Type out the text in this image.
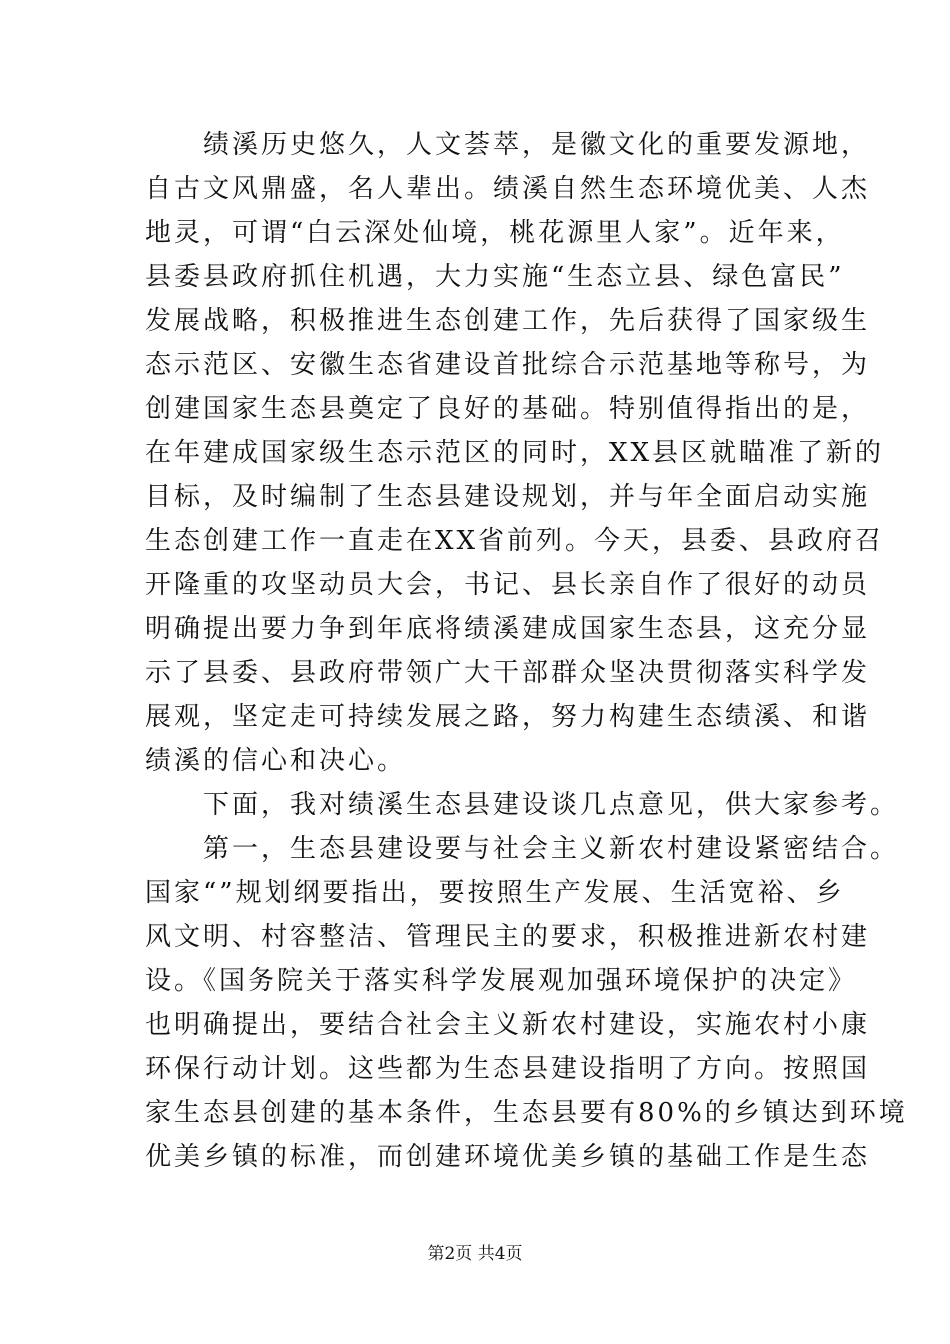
　　绩溪历史悠久，人文荟萃，是徽文化的重要发源地，
自古文风鼎盛，名人辈出。绩溪自然生态环境优美、人杰
地灵，可谓“白云深处仙境，桃花源里人家”。近年来，
县委县政府抓住机遇，大力实施“生态立县、绿色富民”
发展战略，积极推进生态创建工作，先后获得了国家级生
态示范区、安徽生态省建设首批综合示范基地等称号，为
创建国家生态县奠定了良好的基础。特别值得指出的是，
在年建成国家级生态示范区的同时，XX县区就瞄准了新的
目标，及时编制了生态县建设规划，并与年全面启动实施
生态创建工作一直走在XX省前列。今天，县委、县政府召
开隆重的攻坚动员大会，书记、县长亲自作了很好的动员
明确提出要力争到年底将绩溪建成国家生态县，这充分显
示了县委、县政府带领广大干部群众坚决贯彻落实科学发
展观，坚定走可持续发展之路，努力构建生态绩溪、和谐
绩溪的信心和决心。
　　下面，我对绩溪生态县建设谈几点意见，供大家参考。
　　第一，生态县建设要与社会主义新农村建设紧密结合。
国家“”规划纲要指出，要按照生产发展、生活宽裕、乡
风文明、村容整洁、管理民主的要求，积极推进新农村建
设。《国务院关于落实科学发展观加强环境保护的决定》
也明确提出，要结合社会主义新农村建设，实施农村小康
环保行动计划。这些都为生态县建设指明了方向。按照国
家生态县创建的基本条件，生态县要有80%的乡镇达到环境
优美乡镇的标准，而创建环境优美乡镇的基础工作是生态
第2页 共4页
